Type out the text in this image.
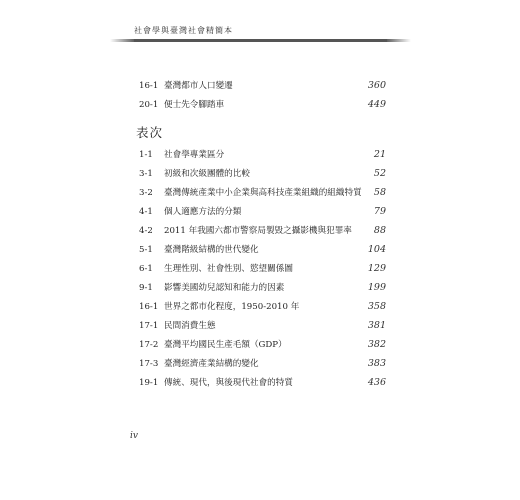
社會學與臺灣社會精簡本
16-1 臺灣都市人口變遷	360
20-1 便士先令腳踏車	449
表次
1-1 社會學專業區分	21
3-1 初級和次級團體的比較	52
3-2 臺灣傳統產業中小企業與高科技產業組織的組織特質 58
4-1 個人適應方法的分類	79
4-2 2011 年我國六都市警察局製毀之攝影機與犯罪率 88
5-1 臺灣階級結構的世代變化	104
6-1 生理性別、社會性別、慾望關係圖	129
9-1 影響美國幼兒認知和能力的因素	199
16-1 世界之都市化程度，1950-2010 年	358
17-1 民間消費生態	381
17-2 臺灣平均國民生產毛額（GDP）	382
17-3 臺灣經濟產業結構的變化	383
19-1 傳統、現代，與後現代社會的特質	436
iv
